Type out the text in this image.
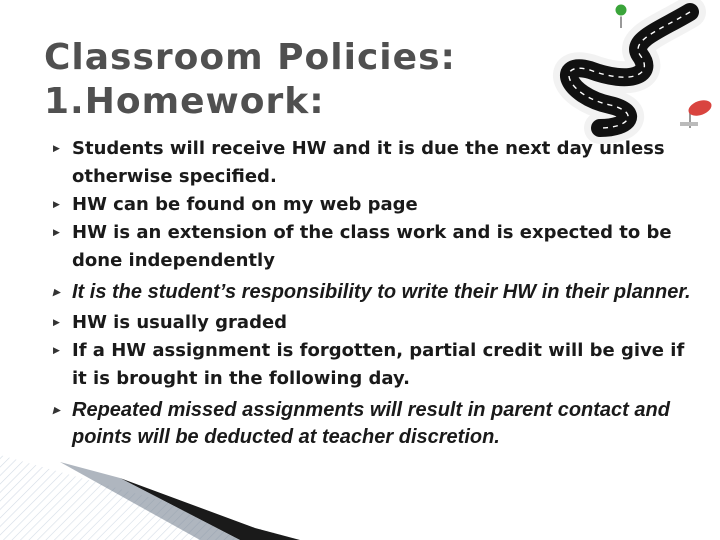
Classroom Policies:
1.Homework:
▶ Students will receive HW and it is due the next day unless otherwise specified.
▶ HW can be found on my web page
▶ HW is an extension of the class work and is expected to be done independently
▶ It is the student’s responsibility to write their HW in their planner.
▶ HW is usually graded
▶ If a HW assignment is forgotten, partial credit will be give if it is brought in the following day.
▶ Repeated missed assignments will result in parent contact and points will be deducted at teacher discretion.
